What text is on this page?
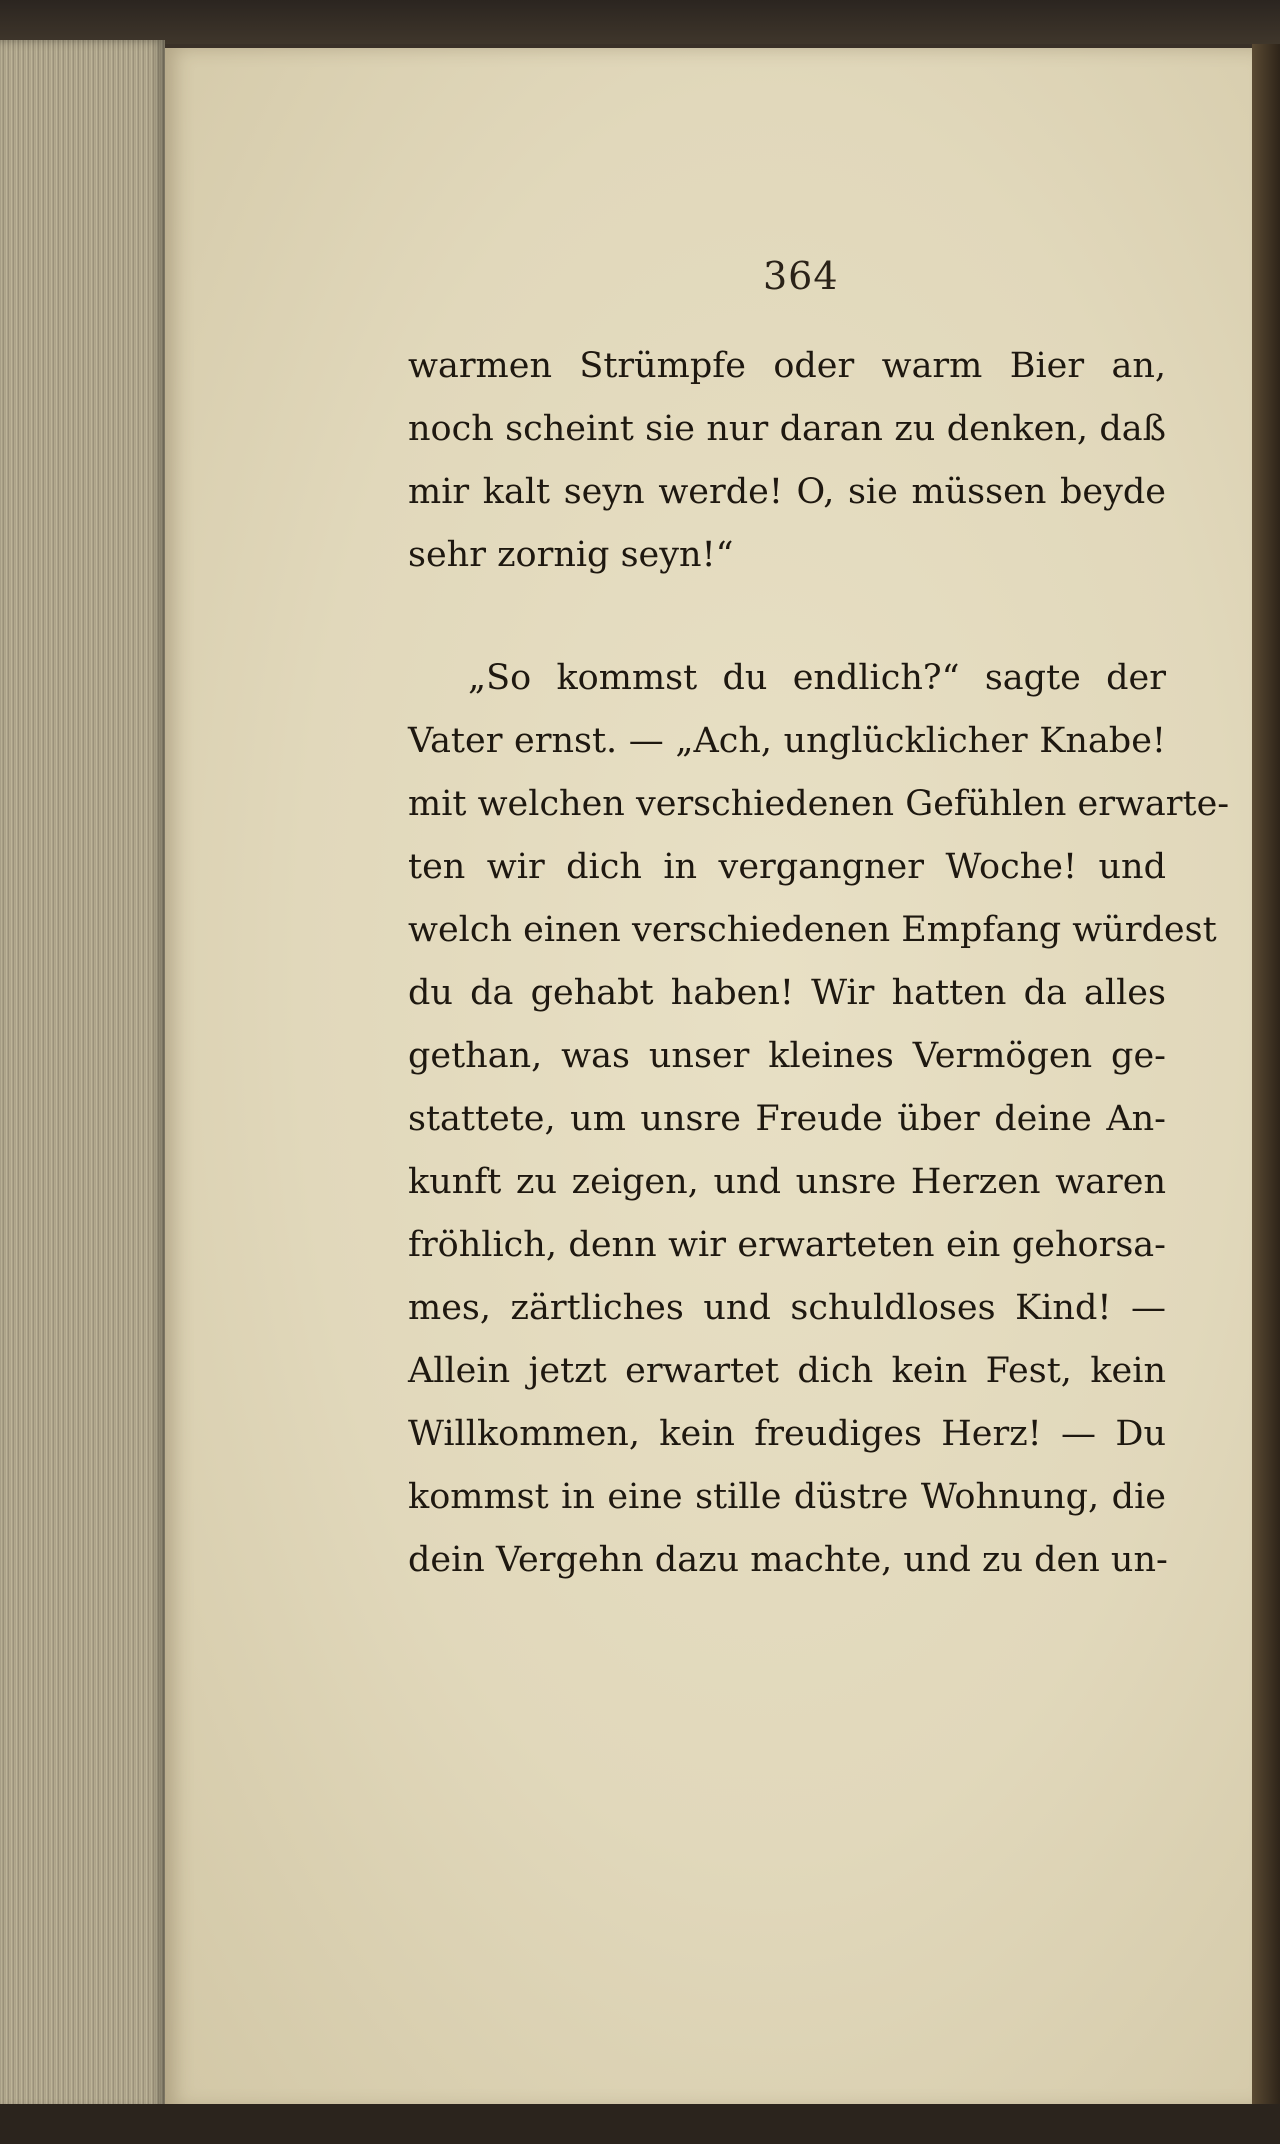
364
warmen Strümpfe oder warm Bier an,
noch scheint sie nur daran zu denken, daß
mir kalt seyn werde! O, sie müssen beyde
sehr zornig seyn!“
„So kommst du endlich?“ sagte der
Vater ernst. — „Ach, unglücklicher Knabe!
mit welchen verschiedenen Gefühlen erwarte-
ten wir dich in vergangner Woche! und
welch einen verschiedenen Empfang würdest
du da gehabt haben! Wir hatten da alles
gethan, was unser kleines Vermögen ge-
stattete, um unsre Freude über deine An-
kunft zu zeigen, und unsre Herzen waren
fröhlich, denn wir erwarteten ein gehorsa-
mes, zärtliches und schuldloses Kind! —
Allein jetzt erwartet dich kein Fest, kein
Willkommen, kein freudiges Herz! — Du
kommst in eine stille düstre Wohnung, die
dein Vergehn dazu machte, und zu den un-
